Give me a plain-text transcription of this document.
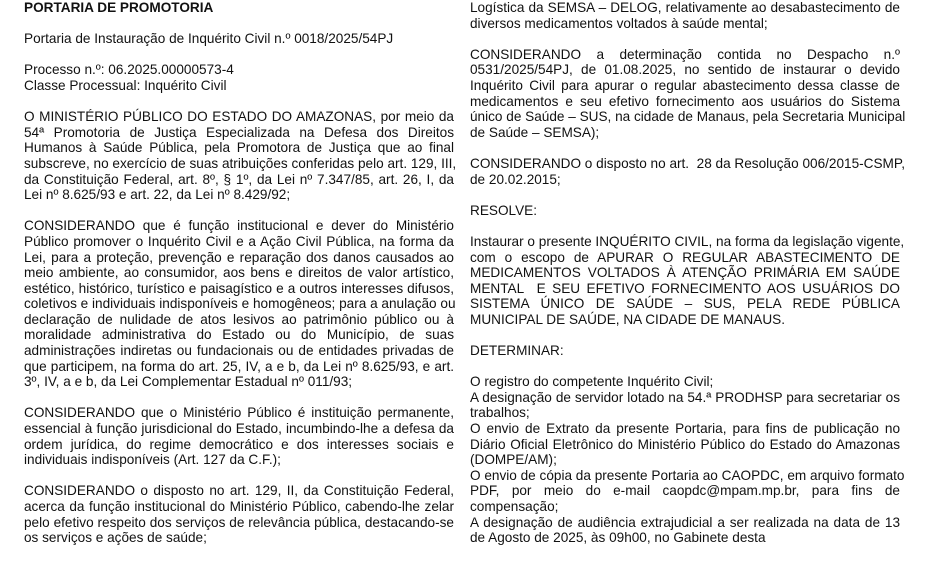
PORTARIA DE PROMOTORIA
Portaria de Instauração de Inquérito Civil n.º 0018/2025/54PJ
Processo n.º: 06.2025.00000573-4
Classe Processual: Inquérito Civil
O MINISTÉRIO PÚBLICO DO ESTADO DO AMAZONAS, por meio da
54ª Promotoria de Justiça Especializada na Defesa dos Direitos
Humanos à Saúde Pública, pela Promotora de Justiça que ao final
subscreve, no exercício de suas atribuições conferidas pelo art. 129, III,
da Constituição Federal, art. 8º, § 1º, da Lei nº 7.347/85, art. 26, I, da
Lei nº 8.625/93 e art. 22, da Lei nº 8.429/92;
CONSIDERANDO que é função institucional e dever do Ministério
Público promover o Inquérito Civil e a Ação Civil Pública, na forma da
Lei, para a proteção, prevenção e reparação dos danos causados ao
meio ambiente, ao consumidor, aos bens e direitos de valor artístico,
estético, histórico, turístico e paisagístico e a outros interesses difusos,
coletivos e individuais indisponíveis e homogêneos; para a anulação ou
declaração de nulidade de atos lesivos ao patrimônio público ou à
moralidade administrativa do Estado ou do Município, de suas
administrações indiretas ou fundacionais ou de entidades privadas de
que participem, na forma do art. 25, IV, a e b, da Lei nº 8.625/93, e art.
3º, IV, a e b, da Lei Complementar Estadual nº 011/93;
CONSIDERANDO que o Ministério Público é instituição permanente,
essencial à função jurisdicional do Estado, incumbindo-lhe a defesa da
ordem jurídica, do regime democrático e dos interesses sociais e
individuais indisponíveis (Art. 127 da C.F.);
CONSIDERANDO o disposto no art. 129, II, da Constituição Federal,
acerca da função institucional do Ministério Público, cabendo-lhe zelar
pelo efetivo respeito dos serviços de relevância pública, destacando-se
os serviços e ações de saúde;
Logística da SEMSA – DELOG, relativamente ao desabastecimento de
diversos medicamentos voltados à saúde mental;
CONSIDERANDO a determinação contida no Despacho n.º
0531/2025/54PJ, de 01.08.2025, no sentido de instaurar o devido
Inquérito Civil para apurar o regular abastecimento dessa classe de
medicamentos e seu efetivo fornecimento aos usuários do Sistema
único de Saúde – SUS, na cidade de Manaus, pela Secretaria Municipal
de Saúde – SEMSA);
CONSIDERANDO o disposto no art.  28 da Resolução 006/2015-CSMP,
de 20.02.2015;
RESOLVE:
Instaurar o presente INQUÉRITO CIVIL, na forma da legislação vigente,
com o escopo de APURAR O REGULAR ABASTECIMENTO DE
MEDICAMENTOS VOLTADOS À ATENÇÃO PRIMÁRIA EM SAÚDE
MENTAL  E SEU EFETIVO FORNECIMENTO AOS USUÁRIOS DO
SISTEMA ÚNICO DE SAÚDE – SUS, PELA REDE PÚBLICA
MUNICIPAL DE SAÚDE, NA CIDADE DE MANAUS.
DETERMINAR:
O registro do competente Inquérito Civil;
A designação de servidor lotado na 54.ª PRODHSP para secretariar os
trabalhos;
O envio de Extrato da presente Portaria, para fins de publicação no
Diário Oficial Eletrônico do Ministério Público do Estado do Amazonas
(DOMPE/AM);
O envio de cópia da presente Portaria ao CAOPDC, em arquivo formato
PDF, por meio do e-mail caopdc@mpam.mp.br, para fins de
compensação;
A designação de audiência extrajudicial a ser realizada na data de 13
de Agosto de 2025, às 09h00, no Gabinete desta
